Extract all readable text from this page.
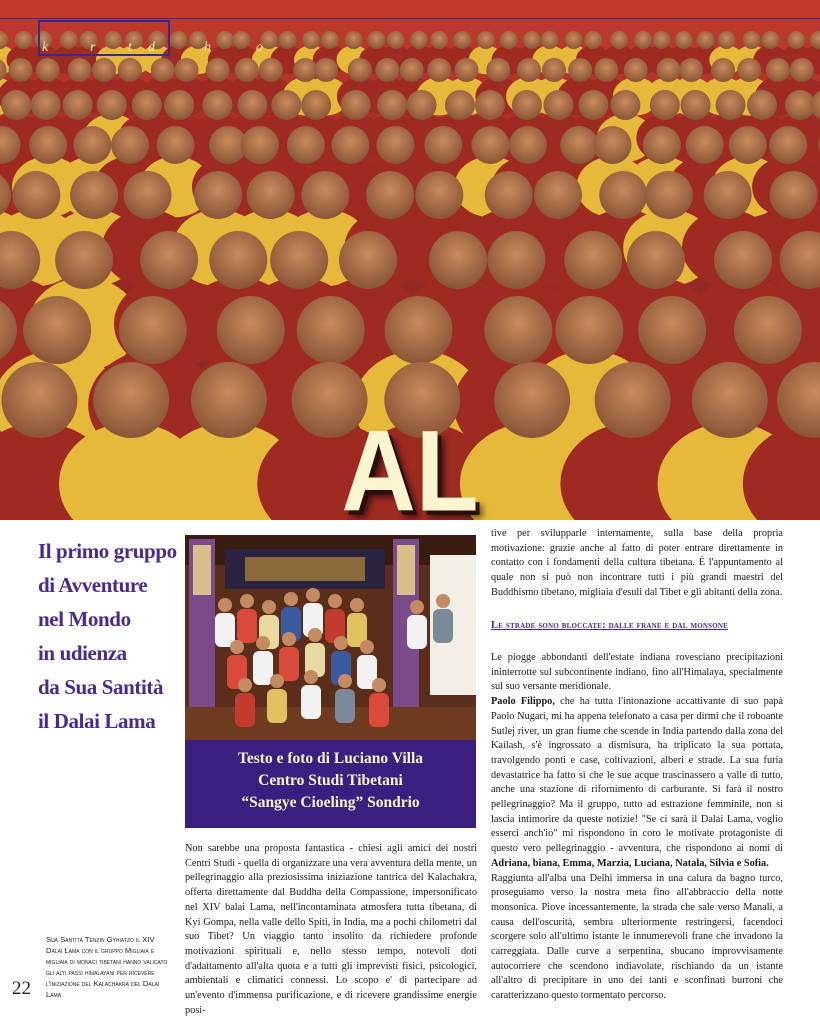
k	r t d	h	a
AL
Il primo gruppo
di Avventure
nel Mondo
in udienza
da Sua Santità
il Dalai Lama

Sua Santità Tenzin Gyhiatzo il XIV Dalai Lama con il gruppo Migliaia e migliaia di monaci tibetani hanno valicato gli alti passi himalayani per ricevere l'iniziazione del Kalachakra del Dalai Lama

22
Testo e foto di Luciano Villa
Centro Studi Tibetani
“Sangye Cioeling” Sondrio

Non sarebbe una proposta fantastica - chiesi agli amici dei nostri Centri Studi - quella di organizzare una vera avventura della mente, un pellegrinaggio alla preziosissima iniziazione tantrica del Kalachakra, offerta direttamente dal Buddha della Compassione, impersonificato nel XIV balai Lama, nell'incontaminata atmosfera tutta tibetana, di Kyi Gompa, nella valle dello Spiti, in India, ma a pochi chilometri dal suo Tibet? Un viaggio tanto insolito da richiedere profonde motivazioni spirituali e, nello stesso tempo, notevoli doti d'adattamento all'alta quota e a tutti gli imprevisti fisici, psicologici, ambientali e climatici connessi. Lo scopo e' di partecipare ad un'evento d'immensa purificazione, e di ricevere grandissime energie posi-

tive per svilupparle internamente, sulla base della propria motivazione: grazie anche al fatto di poter entrare direttamente in contatto con i fondamenti della cultura tibetana. È l'appuntamento al quale non si può non incontrare tutti i più grandi maestri del Buddhismo tibetano, migliaia d'esuli dal Tibet e gli abitanti della zona.

Le strade sono bloccate: dalle frane e dal monsone

Le piogge abbondanti dell'estate indiana rovesciano precipitazioni ininterrotte sul subcontinente indiano, fino all'Himalaya, specialmente sul suo versante meridionale.

Paolo Filippo, che ha tutta l'intonazione accattivante di suo papà Paolo Nugari, mi ha appena telefonato a casa per dirmi che il roboante Sutlej river, un gran fiume che scende in India partendo dalla zona del Kailash, s'è ingrossato a dismisura, ha triplicato la sua portata, travolgendo ponti e case, coltivazioni, alberi e strade. La sua furia devastatrice ha fatto sì che le sue acque trascinassero a valle di tutto, anche una stazione di rifornimento di carburante. Si farà il nostro pellegrinaggio? Ma il gruppo, tutto ad estrazione femminile, non si lascia intimorire da queste notizie! "Se ci sarà il Dalai Lama, voglio esserci anch'io" mi rispondono in coro le motivate protagoniste di questo vero pellegrinaggio - avventura, che rispondono ai nomi di Adriana, biana, Emma, Marzia, Luciana, Natala, Silvia e Sofia.

Raggiunta all'alba una Delhi immersa in una calura da bagno turco, proseguiamo verso la nostra meta fino all'abbraccio della notte monsonica. Piove incessantemente, la strada che sale verso Manali, a causa dell'oscurità, sembra ulteriormente restringersi, facendoci scorgere solo all'ultimo istante le innumerevoli frane che invadono la carreggiata. Dalle curve a serpentina, sbucano improvvisamente autocorriere che scendono indiavolate, rischiando da un istante all'altro di precipitare in uno dei tanti e sconfinati burroni che caratterizzano questo tormentato percorso.
